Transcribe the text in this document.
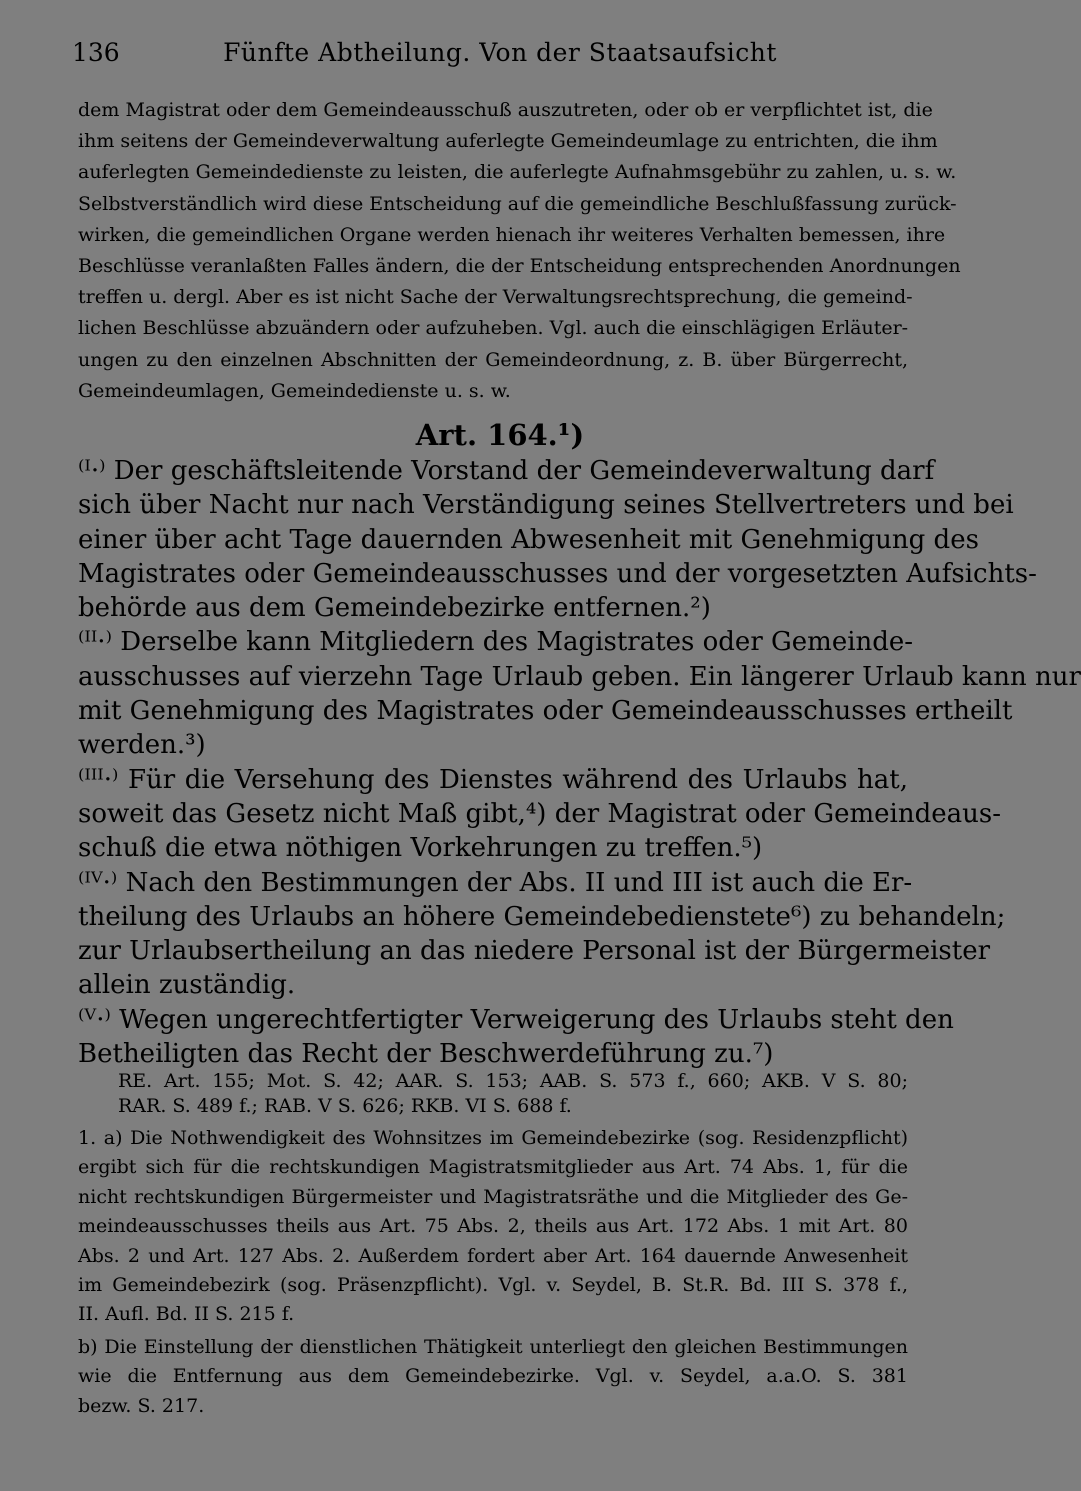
136	Fünfte Abtheilung. Von der Staatsaufsicht
dem Magistrat oder dem Gemeindeausschuß auszutreten, oder ob er verpflichtet ist, die
ihm seitens der Gemeindeverwaltung auferlegte Gemeindeumlage zu entrichten, die ihm
auferlegten Gemeindedienste zu leisten, die auferlegte Aufnahmsgebühr zu zahlen, u. s. w.
Selbstverständlich wird diese Entscheidung auf die gemeindliche Beschlußfassung zurück-
wirken, die gemeindlichen Organe werden hienach ihr weiteres Verhalten bemessen, ihre
Beschlüsse veranlaßten Falles ändern, die der Entscheidung entsprechenden Anordnungen
treffen u. dergl. Aber es ist nicht Sache der Verwaltungsrechtsprechung, die gemeind-
lichen Beschlüsse abzuändern oder aufzuheben. Vgl. auch die einschlägigen Erläuter-
ungen zu den einzelnen Abschnitten der Gemeindeordnung, z. B. über Bürgerrecht,
Gemeindeumlagen, Gemeindedienste u. s. w.
Art. 164.¹)
⁽ᴵ·⁾ Der geschäftsleitende Vorstand der Gemeindeverwaltung darf
sich über Nacht nur nach Verständigung seines Stellvertreters und bei
einer über acht Tage dauernden Abwesenheit mit Genehmigung des
Magistrates oder Gemeindeausschusses und der vorgesetzten Aufsichts-
behörde aus dem Gemeindebezirke entfernen.²)
⁽ᴵᴵ·⁾ Derselbe kann Mitgliedern des Magistrates oder Gemeinde-
ausschusses auf vierzehn Tage Urlaub geben. Ein längerer Urlaub kann nur
mit Genehmigung des Magistrates oder Gemeindeausschusses ertheilt
werden.³)
⁽ᴵᴵᴵ·⁾ Für die Versehung des Dienstes während des Urlaubs hat,
soweit das Gesetz nicht Maß gibt,⁴) der Magistrat oder Gemeindeaus-
schuß die etwa nöthigen Vorkehrungen zu treffen.⁵)
⁽ᴵⱽ·⁾ Nach den Bestimmungen der Abs. II und III ist auch die Er-
theilung des Urlaubs an höhere Gemeindebedienstete⁶) zu behandeln;
zur Urlaubsertheilung an das niedere Personal ist der Bürgermeister
allein zuständig.
⁽ⱽ·⁾ Wegen ungerechtfertigter Verweigerung des Urlaubs steht den
Betheiligten das Recht der Beschwerdeführung zu.⁷)
RE. Art. 155; Mot. S. 42; AAR. S. 153; AAB. S. 573 f., 660; AKB. V S. 80;
RAR. S. 489 f.; RAB. V S. 626; RKB. VI S. 688 f.
1. a) Die Nothwendigkeit des Wohnsitzes im Gemeindebezirke (sog. Residenzpflicht)
ergibt sich für die rechtskundigen Magistratsmitglieder aus Art. 74 Abs. 1, für die
nicht rechtskundigen Bürgermeister und Magistratsräthe und die Mitglieder des Ge-
meindeausschusses theils aus Art. 75 Abs. 2, theils aus Art. 172 Abs. 1 mit Art. 80
Abs. 2 und Art. 127 Abs. 2. Außerdem fordert aber Art. 164 dauernde Anwesenheit
im Gemeindebezirk (sog. Präsenzpflicht). Vgl. v. Seydel, B. St.R. Bd. III S. 378 f.,
II. Aufl. Bd. II S. 215 f.
b) Die Einstellung der dienstlichen Thätigkeit unterliegt den gleichen Bestimmungen
wie die Entfernung aus dem Gemeindebezirke. Vgl. v. Seydel, a.a.O. S. 381
bezw. S. 217.
